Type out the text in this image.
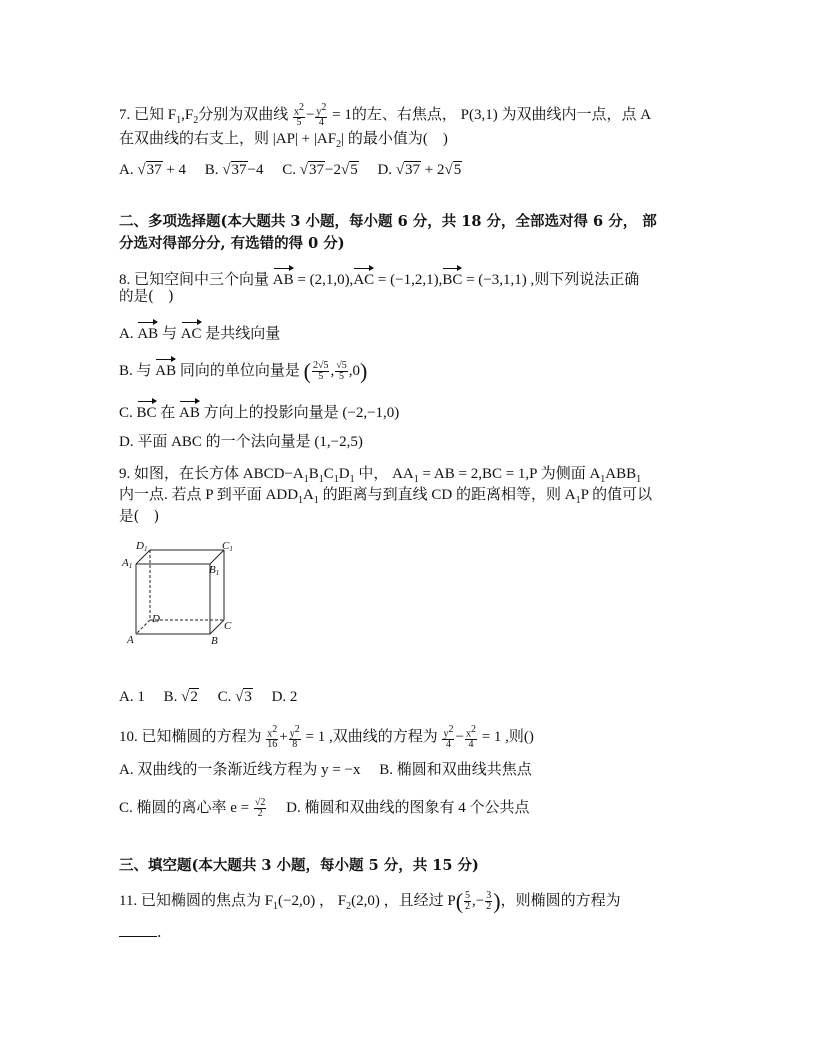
7. 已知 $F_1,F_2$分别为双曲线 $\frac{x^2}{5} - \frac{y^2}{4} = 1$的左、右焦点， P(3,1) 为双曲线内一点，点 A
在双曲线的右支上，则 $|AP| + |AF_2|$ 的最小值为(　)
A. √37 + 4 B. √37−4 C. √37−2√5 D. √37 + 2√5
二、多项选择题(本大题共 3 小题，每小题 6 分，共 18 分，全部选对得 6 分， 部
分选对得部分分, 有选错的得 0 分)
8. 已知空间中三个向量 AB = (2,1,0),AC = (−1,2,1),BC = (−3,1,1) ,则下列说法正确
的是(　)
A. AB 与 AC 是共线向量
B. 与 AB 同向的单位向量是 ( $\frac{2√5}{5}$ , $\frac{√5}{5} ,0$)
C. BC 在 AB 方向上的投影向量是 (−2,−1,0)
D. 平面 ABC 的一个法向量是 (1,−2,5)
9. 如图，在长方体 $ABCD-A_1B_1C_1D_1$ 中， $AA_1$ = AB = 2,BC = 1,P 为侧面 $A_1ABB_1$
内一点. 若点 P 到平面 $ADD_1A_1$ 的距离与到直线 CD 的距离相等，则 $A_1P$ 的值可以
是(　)
D1	C1
A1	B1
D
C
A	B
A. 1 B. √2 C. √3 D. 2
10. 已知椭圆的方程为 $\frac{x^2}{16} + \frac{y^2}{8} = 1$ ,双曲线的方程为 $\frac{y^2}{4} - \frac{x^2}{4} = 1$ ,则()
A. 双曲线的一条渐近线方程为 y = −x B. 椭圆和双曲线共焦点
C. 椭圆的离心率 $e = \frac{√2}{2} D$. 椭圆和双曲线的图象有 4 个公共点
三、填空题(本大题共 3 小题，每小题 5 分，共 15 分)
11. 已知椭圆的焦点为 $F_1(-2,0)$ ， $F_2(2,0)$ ，且经过 $P( \frac{5}{2}$ ,− $\frac{3}{2}$ )，则椭圆的方程为
.
